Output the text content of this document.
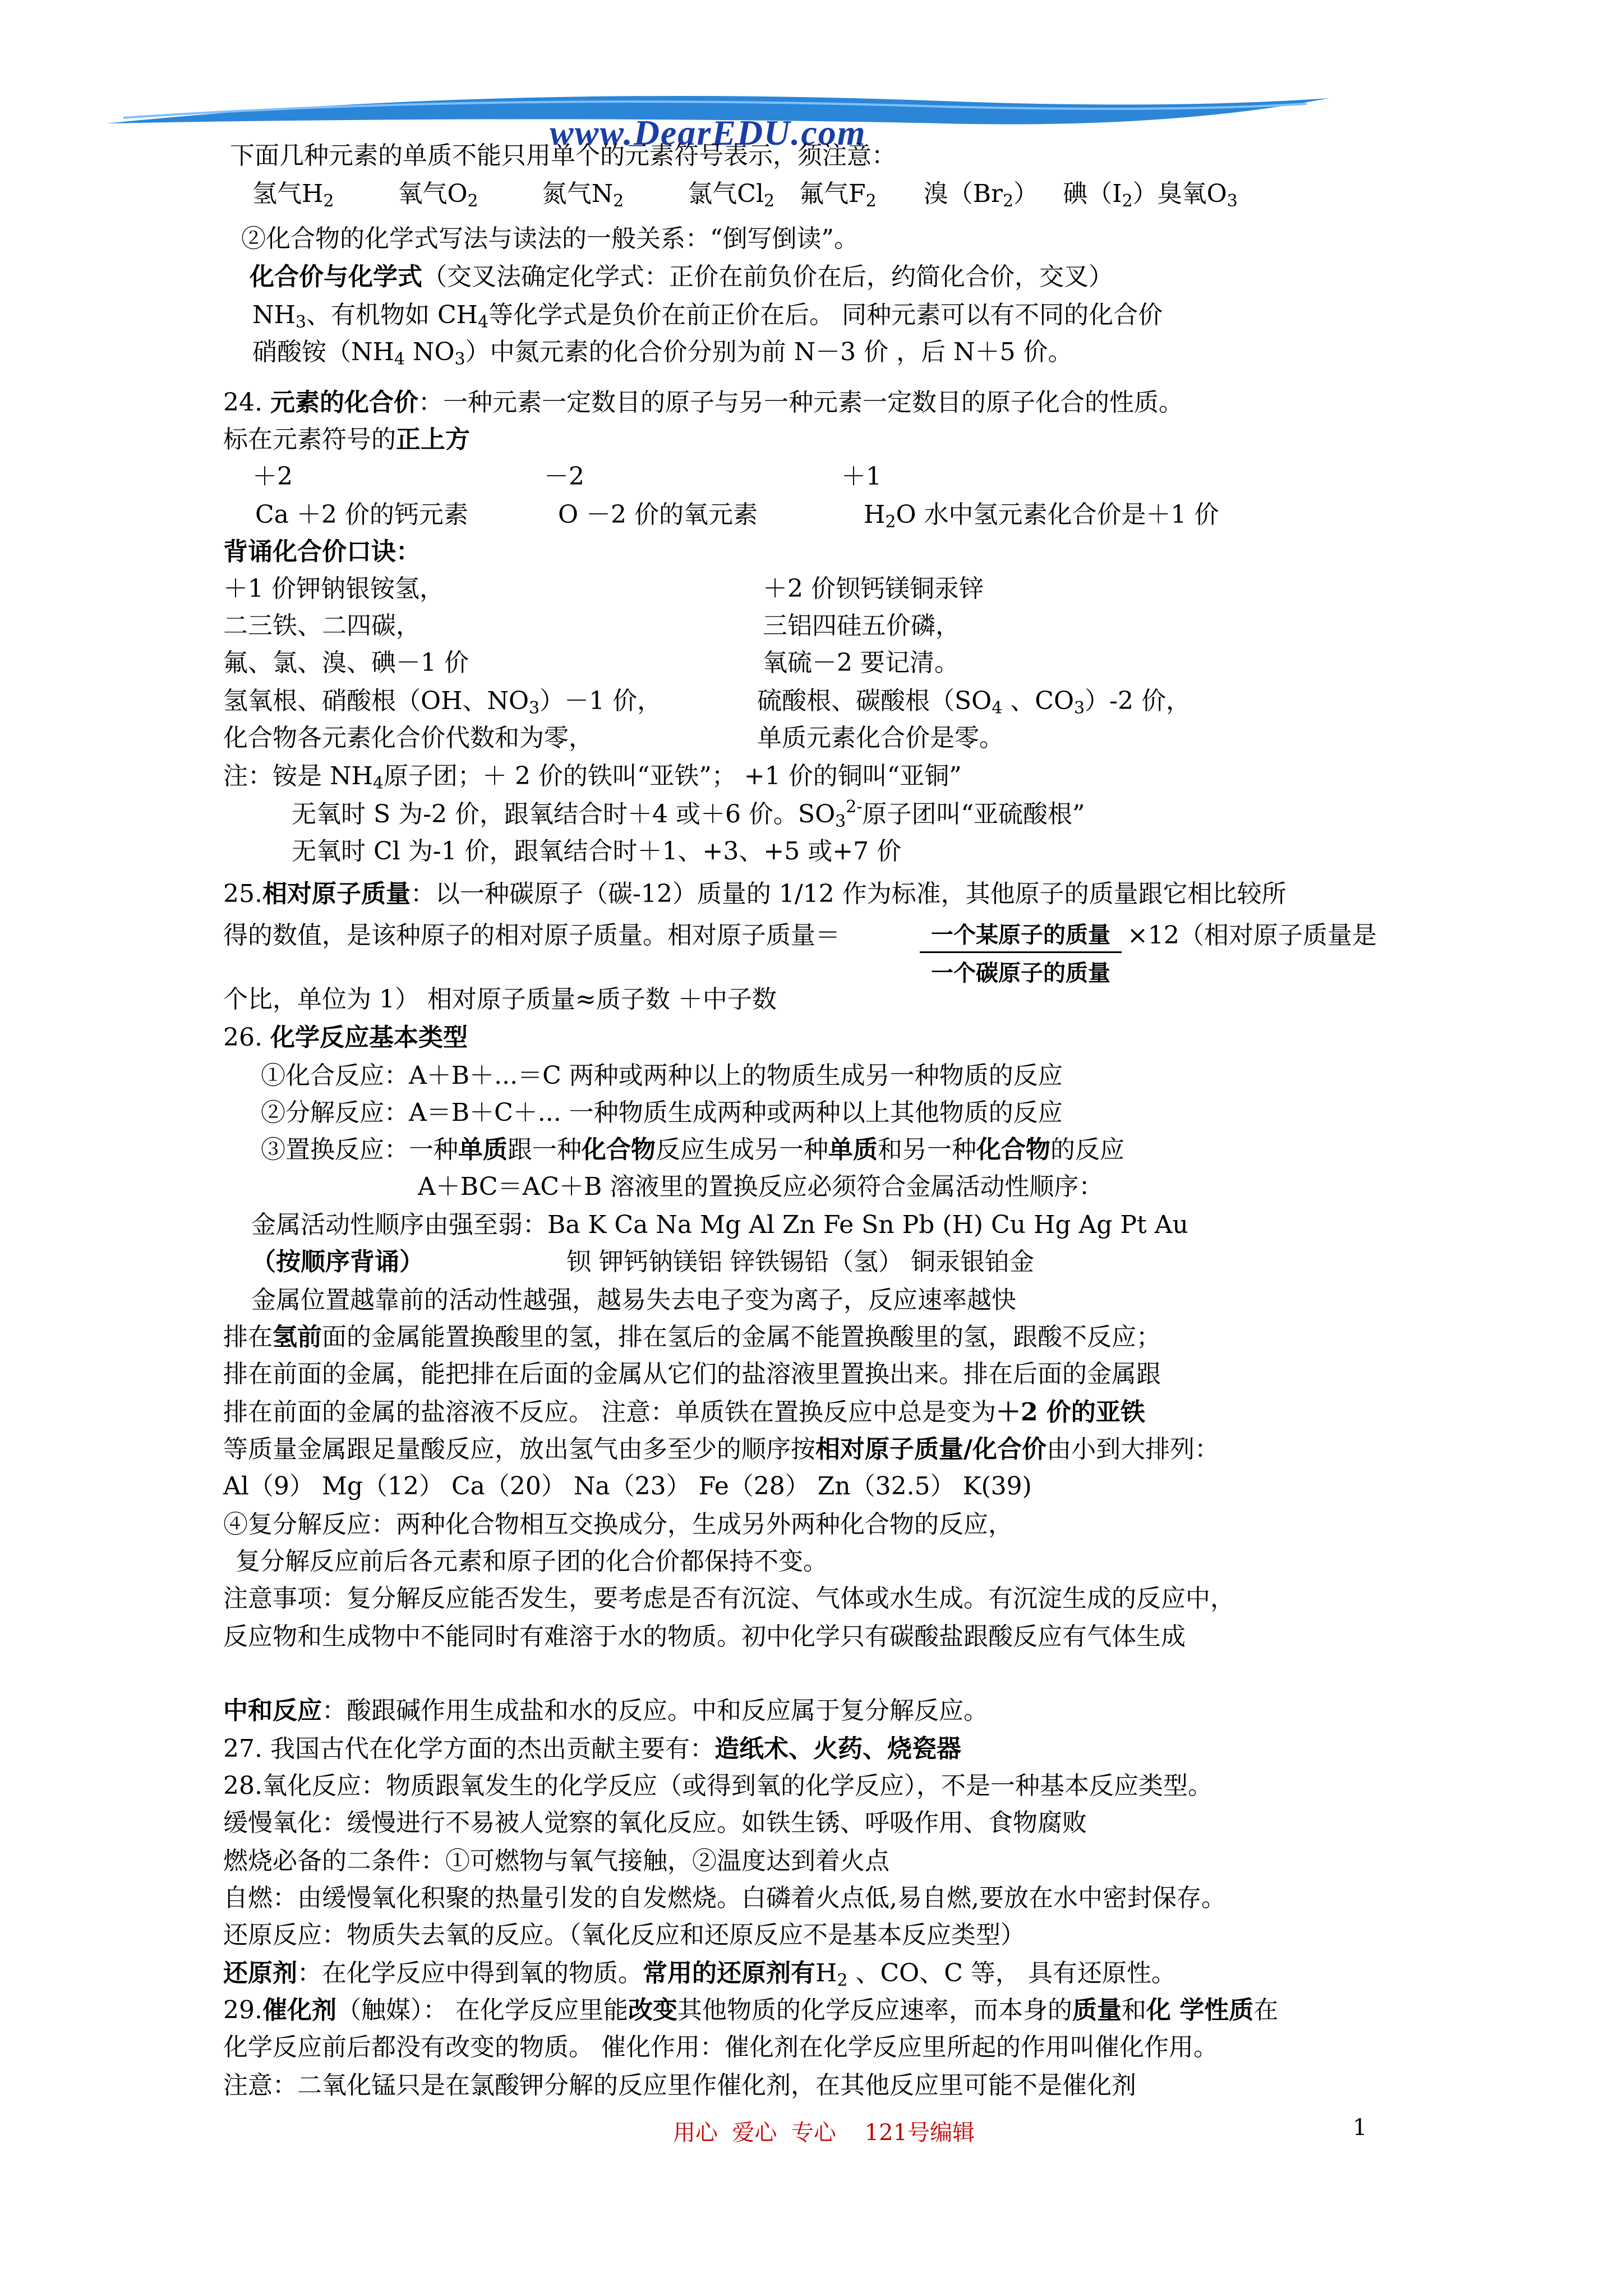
www.DearEDU.com
下面几种元素的单质不能只用单个的元素符号表示，须注意：
氢气$H_2$	氧气$O_2$	氮气$N_2$	氯气$Cl_2$ 氟气$F_2$ 溴$(Br_2)$ 碘$(I_2)$臭氧$O_3$
②化合物的化学式写法与读法的一般关系：“倒写倒读”。
化合价与化学式（交叉法确定化学式：正价在前负价在后，约简化合价，交叉）
$NH_3$、有机物如 $CH_4$等化学式是负价在前正价在后。 同种元素可以有不同的化合价
硝酸铵（$NH_4$ $NO_3$）中氮元素的化合价分别为前 N－3 价 ，后 N＋5 价。
24. 元素的化合价：一种元素一定数目的原子与另一种元素一定数目的原子化合的性质。
标在元素符号的正上方
＋2	－2	＋1
Ca ＋2 价的钙元素	O －2 价的氧元素	$H_2O$ 水中氢元素化合价是＋1 价
背诵化合价口诀：
＋1 价钾钠银铵氢，	＋2 价钡钙镁铜汞锌
二三铁、二四碳，	三铝四硅五价磷，
氟、氯、溴、碘－1 价	氧硫－2 要记清。
氢氧根、硝酸根（OH、$NO_3)-1$ 价，	硫酸根、碳酸根（$SO_4$ 、$CO_3)-2$ 价，
化合物各元素化合价代数和为零，	单质元素化合价是零。
注：铵是 $NH_4$原子团；＋ 2 价的铁叫“亚铁”； +1 价的铜叫“亚铜”
无氧时 S 为-2 价，跟氧结合时＋4 或＋6 价。$SO_3^{2-}$原子团叫“亚硫酸根”
无氧时 Cl 为-1 价，跟氧结合时＋1、+3、+5 或+7 价
25.相对原子质量：以一种碳原子（碳-12）质量的 1/12 作为标准，其他原子的质量跟它相比较所
得的数值，是该种原子的相对原子质量。相对原子质量＝	一个某原子的质量
一个碳原子的质量
×12（相对原子质量是
个比，单位为 1） 相对原子质量≈质子数 ＋中子数
26. 化学反应基本类型
①化合反应：A＋B＋...＝C 两种或两种以上的物质生成另一种物质的反应
②分解反应：A＝B＋C＋... 一种物质生成两种或两种以上其他物质的反应
③置换反应：一种单质跟一种化合物反应生成另一种单质和另一种化合物的反应
A＋BC＝AC＋B 溶液里的置换反应必须符合金属活动性顺序：
金属活动性顺序由强至弱：Ba K Ca Na Mg Al Zn Fe Sn Pb (H) Cu Hg Ag Pt Au
（按顺序背诵）	钡 钾钙钠镁铝 锌铁锡铅（氢） 铜汞银铂金
金属位置越靠前的活动性越强，越易失去电子变为离子，反应速率越快
排在氢前面的金属能置换酸里的氢，排在氢后的金属不能置换酸里的氢，跟酸不反应；
排在前面的金属，能把排在后面的金属从它们的盐溶液里置换出来。排在后面的金属跟
排在前面的金属的盐溶液不反应。 注意：单质铁在置换反应中总是变为＋2 价的亚铁
等质量金属跟足量酸反应，放出氢气由多至少的顺序按相对原子质量/化合价由小到大排列：
Al（9） Mg（12） Ca（20） Na（23） Fe（28） Zn（32.5） K(39)
④复分解反应：两种化合物相互交换成分，生成另外两种化合物的反应，
复分解反应前后各元素和原子团的化合价都保持不变。
注意事项：复分解反应能否发生，要考虑是否有沉淀、气体或水生成。有沉淀生成的反应中，
反应物和生成物中不能同时有难溶于水的物质。初中化学只有碳酸盐跟酸反应有气体生成
中和反应：酸跟碱作用生成盐和水的反应。中和反应属于复分解反应。
27. 我国古代在化学方面的杰出贡献主要有：造纸术、火药、烧瓷器
28.氧化反应：物质跟氧发生的化学反应（或得到氧的化学反应），不是一种基本反应类型。
缓慢氧化：缓慢进行不易被人觉察的氧化反应。如铁生锈、呼吸作用、食物腐败
燃烧必备的二条件：①可燃物与氧气接触，②温度达到着火点
自燃：由缓慢氧化积聚的热量引发的自发燃烧。白磷着火点低,易自燃,要放在水中密封保存。
还原反应：物质失去氧的反应。（氧化反应和还原反应不是基本反应类型）
还原剂：在化学反应中得到氧的物质。常用的还原剂有$H_2$ 、CO、C 等， 具有还原性。
29.催化剂（触媒）： 在化学反应里能改变其他物质的化学反应速率，而本身的质量和化 学性质在
化学反应前后都没有改变的物质。 催化作用：催化剂在化学反应里所起的作用叫催化作用。
注意：二氧化锰只是在氯酸钾分解的反应里作催化剂，在其他反应里可能不是催化剂
用心  爱心  专心    121号编辑	1
